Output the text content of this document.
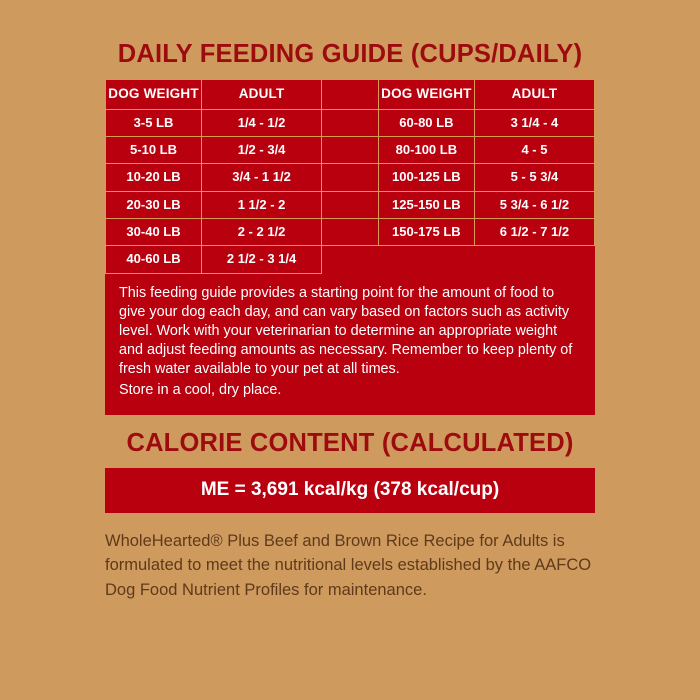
DAILY FEEDING GUIDE (CUPS/DAILY)
DOG WEIGHT	ADULT		DOG WEIGHT	ADULT
3-5 LB	1/4 - 1/2		60-80 LB	3 1/4 - 4
5-10 LB	1/2 - 3/4		80-100 LB	4 - 5
10-20 LB	3/4 - 1 1/2		100-125 LB	5 - 5 3/4
20-30 LB	1 1/2 - 2		125-150 LB	5 3/4 - 6 1/2
30-40 LB	2 - 2 1/2		150-175 LB	6 1/2 - 7 1/2
40-60 LB	2 1/2 - 3 1/4			

This feeding guide provides a starting point for the amount of food to give your dog each day, and can vary based on factors such as activity level. Work with your veterinarian to determine an appropriate weight and adjust feeding amounts as necessary. Remember to keep plenty of fresh water available to your pet at all times.

Store in a cool, dry place.

CALORIE CONTENT (CALCULATED)
ME = 3,691 kcal/kg (378 kcal/cup)

WholeHearted® Plus Beef and Brown Rice Recipe for Adults is formulated to meet the nutritional levels established by the AAFCO Dog Food Nutrient Profiles for maintenance.
